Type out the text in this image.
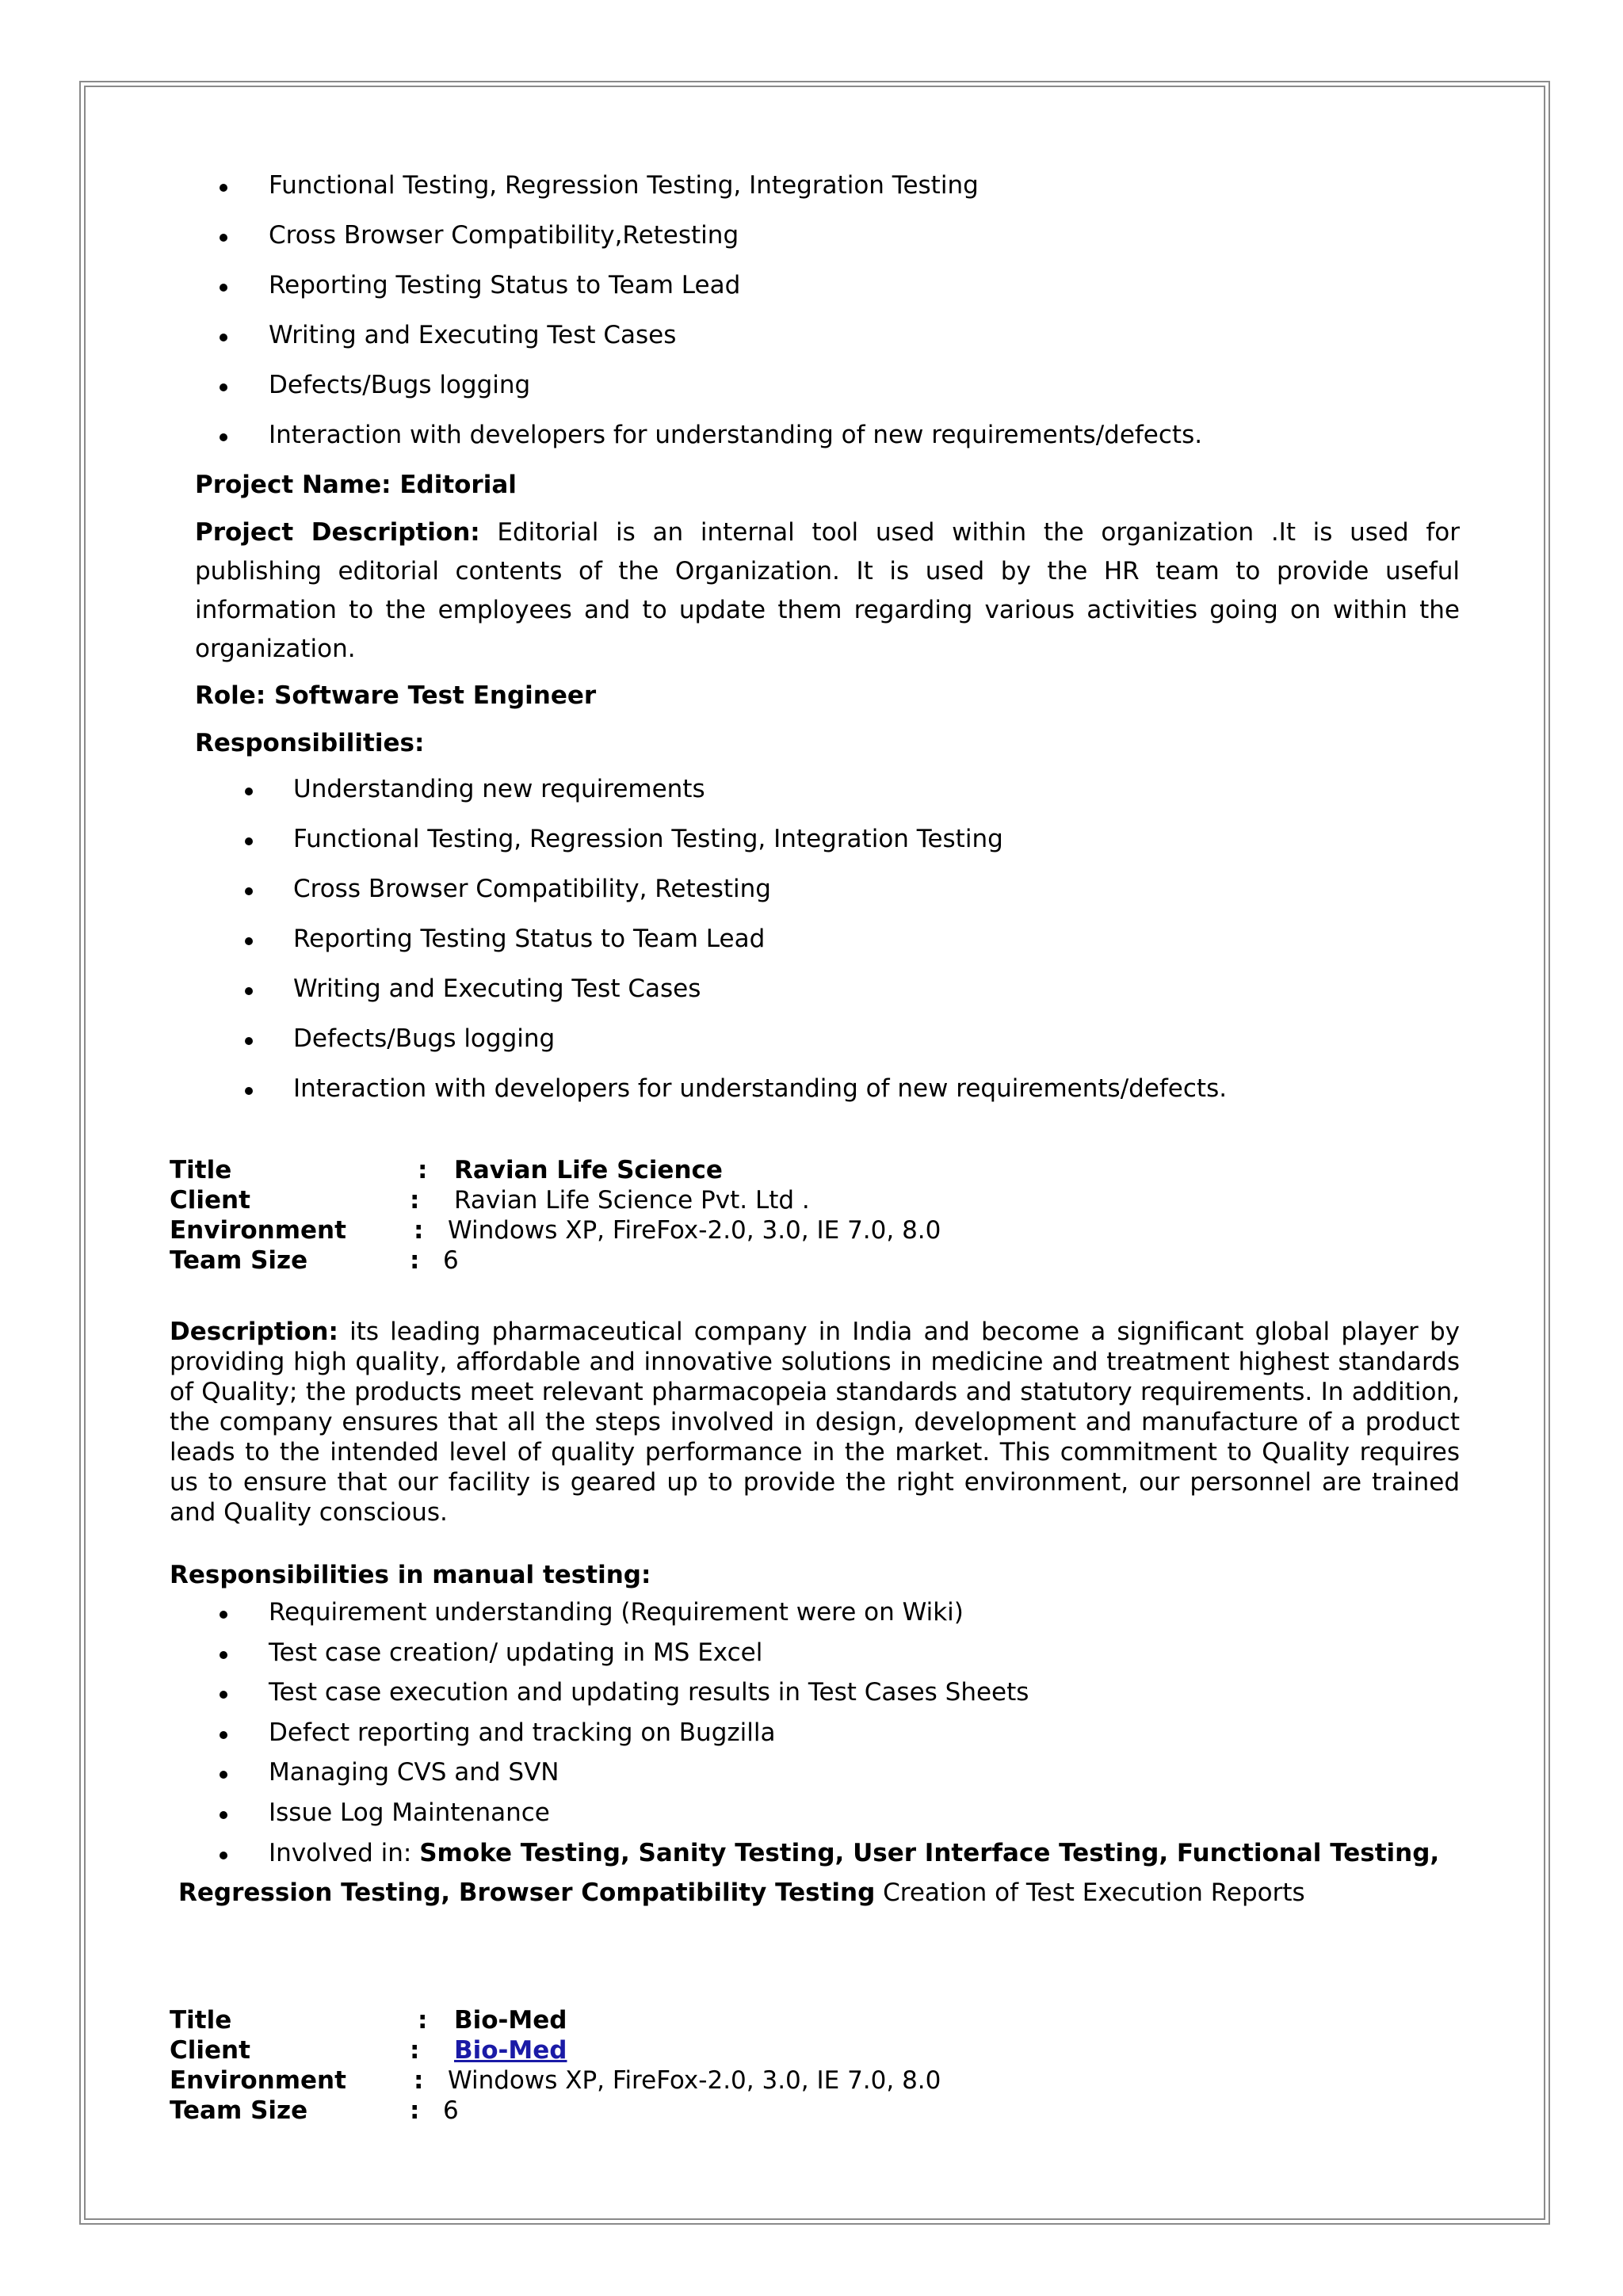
Functional Testing, Regression Testing, Integration Testing
Cross Browser Compatibility,Retesting
Reporting Testing Status to Team Lead
Writing and Executing Test Cases
Defects/Bugs logging
Interaction with developers for understanding of new requirements/defects.
Project Name: Editorial
Project Description: Editorial is an internal tool used within the organization .It is used for publishing editorial contents of the Organization. It is used by the HR team to provide useful information to the employees and to update them regarding various activities going on within the organization.
Role: Software Test Engineer
Responsibilities:
Understanding new requirements
Functional Testing, Regression Testing, Integration Testing
Cross Browser Compatibility, Retesting
Reporting Testing Status to Team Lead
Writing and Executing Test Cases
Defects/Bugs logging
Interaction with developers for understanding of new requirements/defects.
Title	: Ravian Life Science
Client	: Ravian Life Science Pvt. Ltd .
Environment	: Windows XP, FireFox-2.0, 3.0, IE 7.0, 8.0
Team Size	: 6
Description: its leading pharmaceutical company in India and become a significant global player by providing high quality, affordable and innovative solutions in medicine and treatment highest standards of Quality; the products meet relevant pharmacopeia standards and statutory requirements. In addition, the company ensures that all the steps involved in design, development and manufacture of a product leads to the intended level of quality performance in the market. This commitment to Quality requires us to ensure that our facility is geared up to provide the right environment, our personnel are trained and Quality conscious.
Responsibilities in manual testing:
Requirement understanding (Requirement were on Wiki)
Test case creation/ updating in MS Excel
Test case execution and updating results in Test Cases Sheets
Defect reporting and tracking on Bugzilla
Managing CVS and SVN
Issue Log Maintenance
Involved in: Smoke Testing, Sanity Testing, User Interface Testing, Functional Testing,
Regression Testing, Browser Compatibility Testing Creation of Test Execution Reports
Title	: Bio-Med
Client	: Bio-Med
Environment	: Windows XP, FireFox-2.0, 3.0, IE 7.0, 8.0
Team Size	: 6
